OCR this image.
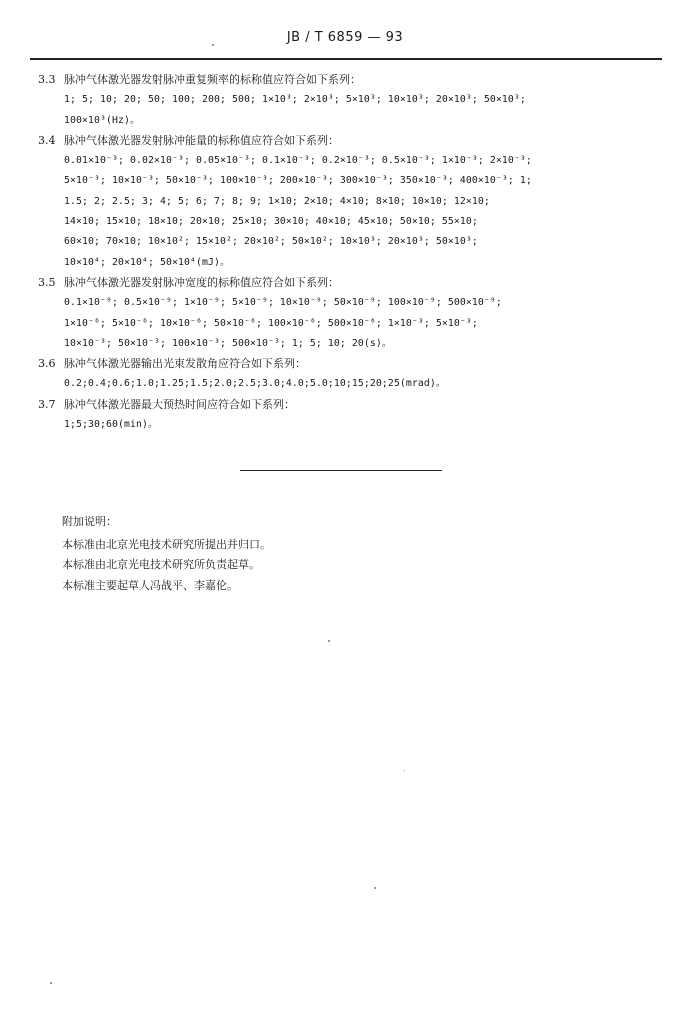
JB / T 6859 — 93
3.3 脉冲气体激光器发射脉冲重复频率的标称值应符合如下系列：
1; 5; 10; 20; 50; 100; 200; 500; 1×10³; 2×10³; 5×10³; 10×10³; 20×10³; 50×10³;
100×10³(Hz)。
3.4 脉冲气体激光器发射脉冲能量的标称值应符合如下系列：
0.01×10⁻³; 0.02×10⁻³; 0.05×10⁻³; 0.1×10⁻³; 0.2×10⁻³; 0.5×10⁻³; 1×10⁻³; 2×10⁻³;
5×10⁻³; 10×10⁻³; 50×10⁻³; 100×10⁻³; 200×10⁻³; 300×10⁻³; 350×10⁻³; 400×10⁻³; 1;
1.5; 2; 2.5; 3; 4; 5; 6; 7; 8; 9; 1×10; 2×10; 4×10; 8×10; 10×10; 12×10;
14×10; 15×10; 18×10; 20×10; 25×10; 30×10; 40×10; 45×10; 50×10; 55×10;
60×10; 70×10; 10×10²; 15×10²; 20×10²; 50×10²; 10×10³; 20×10³; 50×10³;
10×10⁴; 20×10⁴; 50×10⁴(mJ)。
3.5 脉冲气体激光器发射脉冲宽度的标称值应符合如下系列：
0.1×10⁻⁹; 0.5×10⁻⁹; 1×10⁻⁹; 5×10⁻⁹; 10×10⁻⁹; 50×10⁻⁹; 100×10⁻⁹; 500×10⁻⁹;
1×10⁻⁶; 5×10⁻⁶; 10×10⁻⁶; 50×10⁻⁶; 100×10⁻⁶; 500×10⁻⁶; 1×10⁻³; 5×10⁻³;
10×10⁻³; 50×10⁻³; 100×10⁻³; 500×10⁻³; 1; 5; 10; 20(s)。
3.6 脉冲气体激光器输出光束发散角应符合如下系列：
0.2;0.4;0.6;1.0;1.25;1.5;2.0;2.5;3.0;4.0;5.0;10;15;20;25(mrad)。
3.7 脉冲气体激光器最大预热时间应符合如下系列：
1;5;30;60(min)。
附加说明：
本标准由北京光电技术研究所提出并归口。
本标准由北京光电技术研究所负责起草。
本标准主要起草人冯战平、李嘉伦。
